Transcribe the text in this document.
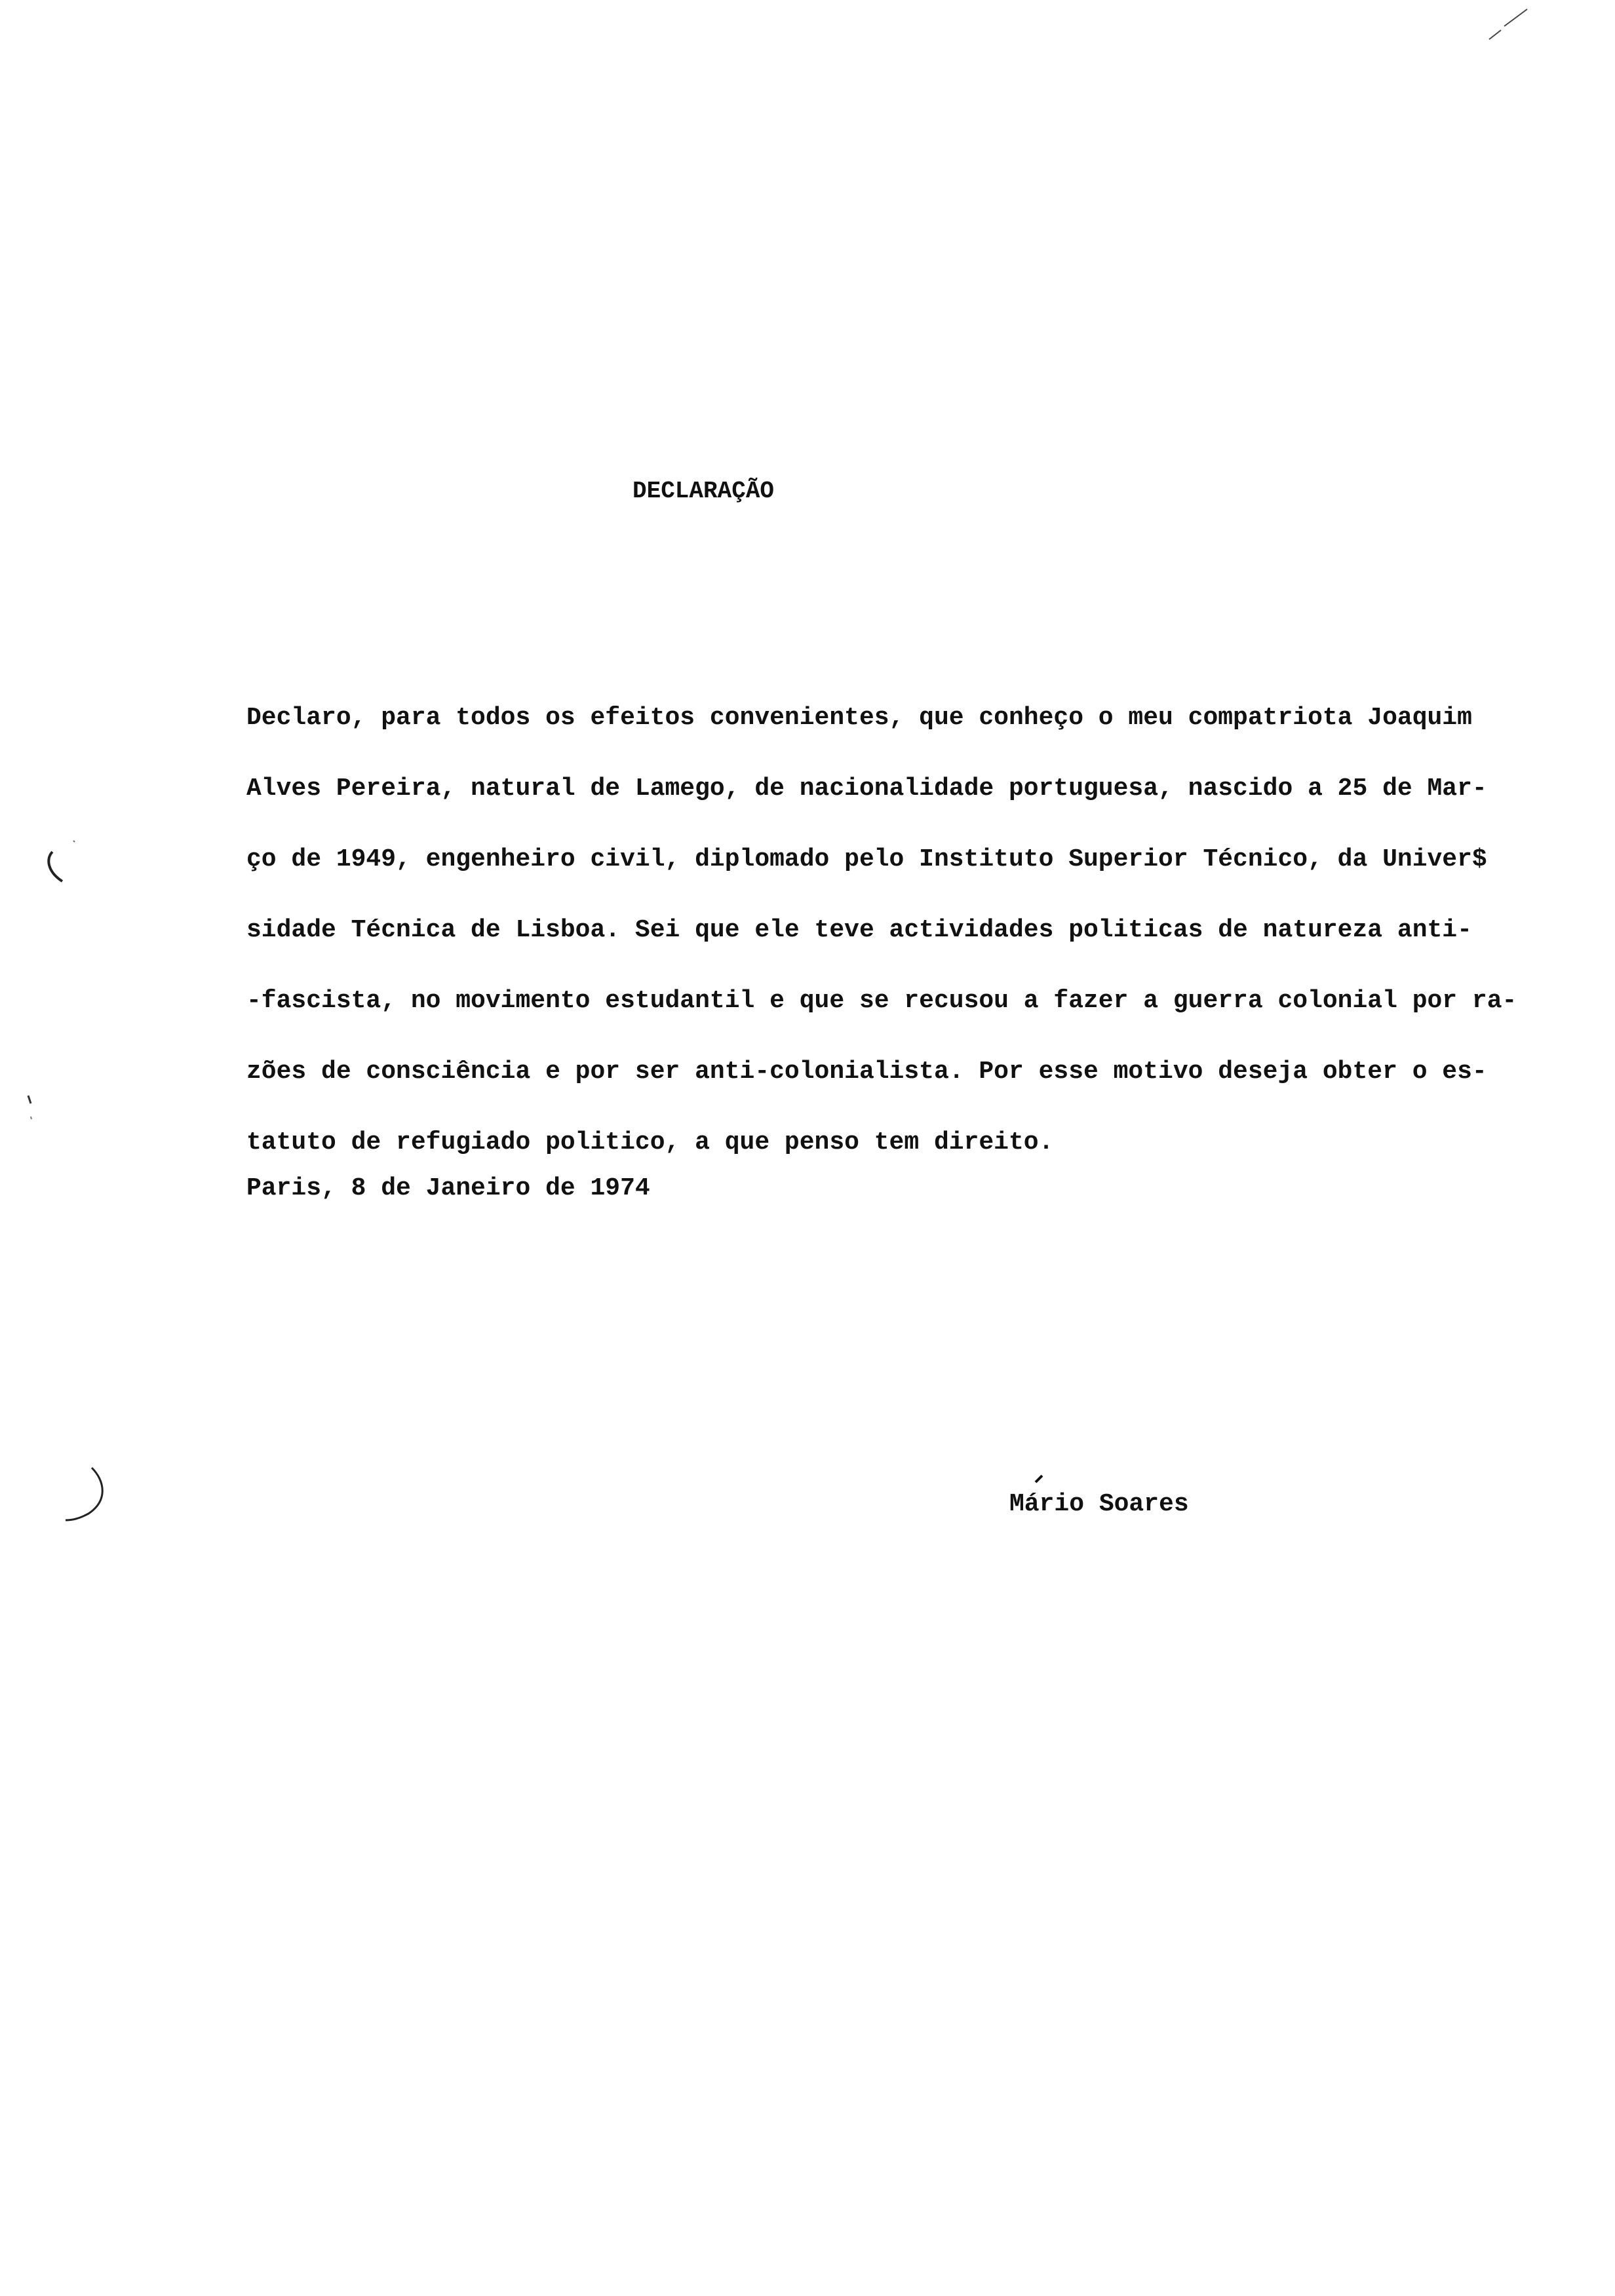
DECLARAÇÃO
Declaro, para todos os efeitos convenientes, que conheço o meu compatriota Joaquim
Alves Pereira, natural de Lamego, de nacionalidade portuguesa, nascido a 25 de Mar-
ço de 1949, engenheiro civil, diplomado pelo Instituto Superior Técnico, da Univer$
sidade Técnica de Lisboa. Sei que ele teve actividades politicas de natureza anti-
-fascista, no movimento estudantil e que se recusou a fazer a guerra colonial por ra-
zões de consciência e por ser anti-colonialista. Por esse motivo deseja obter o es-
tatuto de refugiado politico, a que penso tem direito.
Paris, 8 de Janeiro de 1974
Mário Soares
